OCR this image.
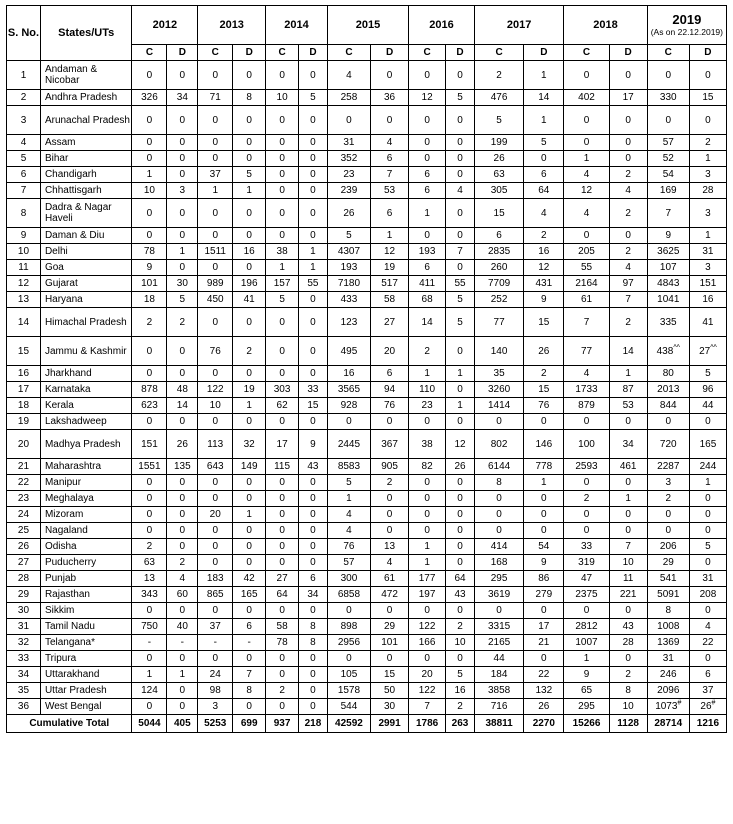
S. No.	States/UTs	2012		2013		2014		2015		2016		2017		2018		2019
(As on 22.12.2019)	

		C	D	C	D	C	D	C	D	C	D	C	D	C	D	C	D
1	Andaman & Nicobar	0	0	0	0	0	0	4	0	0	0	2	1	0	0	0	0
2	Andhra Pradesh	326	34	71	8	10	5	258	36	12	5	476	14	402	17	330	15
3	Arunachal Pradesh	0	0	0	0	0	0	0	0	0	0	5	1	0	0	0	0
4	Assam	0	0	0	0	0	0	31	4	0	0	199	5	0	0	57	2
5	Bihar	0	0	0	0	0	0	352	6	0	0	26	0	1	0	52	1
6	Chandigarh	1	0	37	5	0	0	23	7	6	0	63	6	4	2	54	3
7	Chhattisgarh	10	3	1	1	0	0	239	53	6	4	305	64	12	4	169	28
8	Dadra & Nagar Haveli	0	0	0	0	0	0	26	6	1	0	15	4	4	2	7	3
9	Daman & Diu	0	0	0	0	0	0	5	1	0	0	6	2	0	0	9	1
10	Delhi	78	1	1511	16	38	1	4307	12	193	7	2835	16	205	2	3625	31
11	Goa	9	0	0	0	1	1	193	19	6	0	260	12	55	4	107	3
12	Gujarat	101	30	989	196	157	55	7180	517	411	55	7709	431	2164	97	4843	151
13	Haryana	18	5	450	41	5	0	433	58	68	5	252	9	61	7	1041	16
14	Himachal Pradesh	2	2	0	0	0	0	123	27	14	5	77	15	7	2	335	41
15	Jammu & Kashmir	0	0	76	2	0	0	495	20	2	0	140	26	77	14	438^^	27^^
16	Jharkhand	0	0	0	0	0	0	16	6	1	1	35	2	4	1	80	5
17	Karnataka	878	48	122	19	303	33	3565	94	110	0	3260	15	1733	87	2013	96
18	Kerala	623	14	10	1	62	15	928	76	23	1	1414	76	879	53	844	44
19	Lakshadweep	0	0	0	0	0	0	0	0	0	0	0	0	0	0	0	0
20	Madhya Pradesh	151	26	113	32	17	9	2445	367	38	12	802	146	100	34	720	165
21	Maharashtra	1551	135	643	149	115	43	8583	905	82	26	6144	778	2593	461	2287	244
22	Manipur	0	0	0	0	0	0	5	2	0	0	8	1	0	0	3	1
23	Meghalaya	0	0	0	0	0	0	1	0	0	0	0	0	2	1	2	0
24	Mizoram	0	0	20	1	0	0	4	0	0	0	0	0	0	0	0	0
25	Nagaland	0	0	0	0	0	0	4	0	0	0	0	0	0	0	0	0
26	Odisha	2	0	0	0	0	0	76	13	1	0	414	54	33	7	206	5
27	Puducherry	63	2	0	0	0	0	57	4	1	0	168	9	319	10	29	0
28	Punjab	13	4	183	42	27	6	300	61	177	64	295	86	47	11	541	31
29	Rajasthan	343	60	865	165	64	34	6858	472	197	43	3619	279	2375	221	5091	208
30	Sikkim	0	0	0	0	0	0	0	0	0	0	0	0	0	0	8	0
31	Tamil Nadu	750	40	37	6	58	8	898	29	122	2	3315	17	2812	43	1008	4
32	Telangana*	-	-	-	-	78	8	2956	101	166	10	2165	21	1007	28	1369	22
33	Tripura	0	0	0	0	0	0	0	0	0	0	44	0	1	0	31	0
34	Uttarakhand	1	1	24	7	0	0	105	15	20	5	184	22	9	2	246	6
35	Uttar Pradesh	124	0	98	8	2	0	1578	50	122	16	3858	132	65	8	2096	37
36	West Bengal	0	0	3	0	0	0	544	30	7	2	716	26	295	10	1073#	26#
Cumulative Total		5044	405	5253	699	937	218	42592	2991	1786	263	38811	2270	15266	1128	28714	1216
